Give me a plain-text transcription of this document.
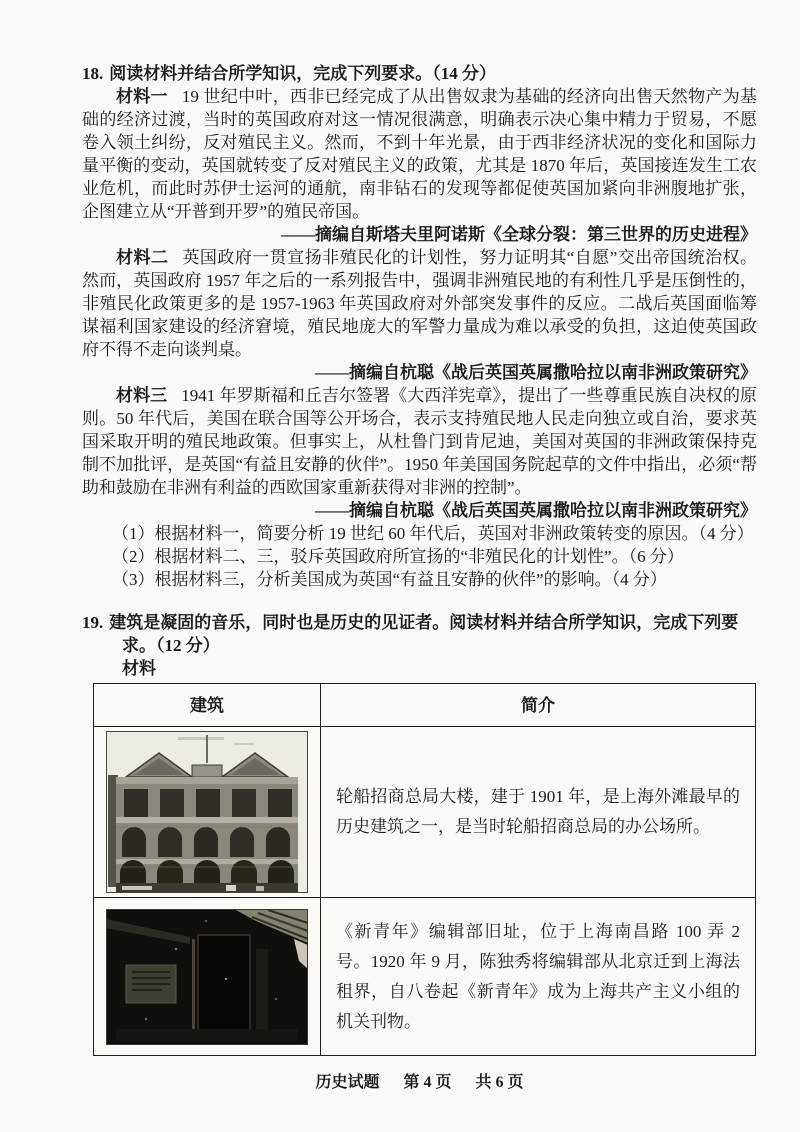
18. 阅读材料并结合所学知识，完成下列要求。（14 分）

材料一 19 世纪中叶，西非已经完成了从出售奴隶为基础的经济向出售天然物产为基础的经济过渡，当时的英国政府对这一情况很满意，明确表示决心集中精力于贸易，不愿卷入领土纠纷，反对殖民主义。然而，不到十年光景，由于西非经济状况的变化和国际力量平衡的变动，英国就转变了反对殖民主义的政策，尤其是 1870 年后，英国接连发生工农业危机，而此时苏伊士运河的通航，南非钻石的发现等都促使英国加紧向非洲腹地扩张，企图建立从“开普到开罗”的殖民帝国。

——摘编自斯塔夫里阿诺斯《全球分裂：第三世界的历史进程》

材料二 英国政府一贯宣扬非殖民化的计划性，努力证明其“自愿”交出帝国统治权。然而，英国政府 1957 年之后的一系列报告中，强调非洲殖民地的有利性几乎是压倒性的，非殖民化政策更多的是 1957-1963 年英国政府对外部突发事件的反应。二战后英国面临筹谋福利国家建设的经济窘境，殖民地庞大的军警力量成为难以承受的负担，这迫使英国政府不得不走向谈判桌。

——摘编自杭聪《战后英国英属撒哈拉以南非洲政策研究》

材料三 1941 年罗斯福和丘吉尔签署《大西洋宪章》，提出了一些尊重民族自决权的原则。50 年代后，美国在联合国等公开场合，表示支持殖民地人民走向独立或自治，要求英国采取开明的殖民地政策。但事实上，从杜鲁门到肯尼迪，美国对英国的非洲政策保持克制不加批评，是英国“有益且安静的伙伴”。1950 年美国国务院起草的文件中指出，必须“帮助和鼓励在非洲有利益的西欧国家重新获得对非洲的控制”。

——摘编自杭聪《战后英国英属撒哈拉以南非洲政策研究》

（1）根据材料一，简要分析 19 世纪 60 年代后，英国对非洲政策转变的原因。（4 分）

（2）根据材料二、三，驳斥英国政府所宣扬的“非殖民化的计划性”。（6 分）

（3）根据材料三，分析美国成为英国“有益且安静的伙伴”的影响。（4 分）

19. 建筑是凝固的音乐，同时也是历史的见证者。阅读材料并结合所学知识，完成下列要求。（12 分）

材料

建筑	简介

	轮船招商总局大楼，建于 1901 年，是上海外滩最早的历史建筑之一，是当时轮船招商总局的办公场所。

	《新青年》编辑部旧址，位于上海南昌路 100 弄 2 号。1920 年 9 月，陈独秀将编辑部从北京迁到上海法租界，自八卷起《新青年》成为上海共产主义小组的机关刊物。
历史试题 第 4 页 共 6 页
